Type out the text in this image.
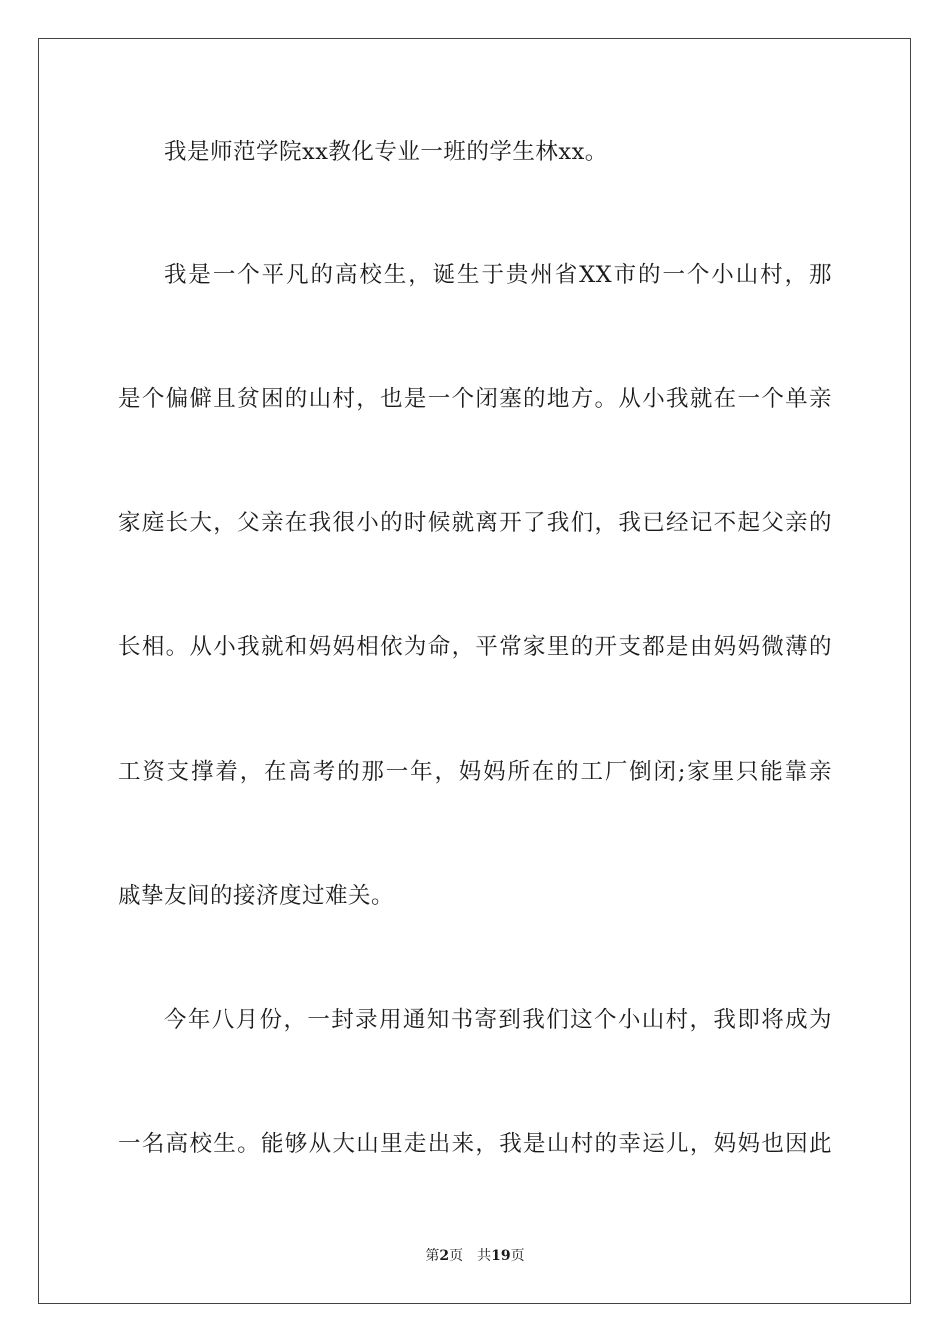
我是师范学院xx教化专业一班的学生林xx。
我是一个平凡的高校生，诞生于贵州省XX市的一个小山村，那
是个偏僻且贫困的山村，也是一个闭塞的地方。从小我就在一个单亲
家庭长大，父亲在我很小的时候就离开了我们，我已经记不起父亲的
长相。从小我就和妈妈相依为命，平常家里的开支都是由妈妈微薄的
工资支撑着，在高考的那一年，妈妈所在的工厂倒闭;家里只能靠亲
戚挚友间的接济度过难关。
今年八月份，一封录用通知书寄到我们这个小山村，我即将成为
一名高校生。能够从大山里走出来，我是山村的幸运儿，妈妈也因此
第2页 共19页
